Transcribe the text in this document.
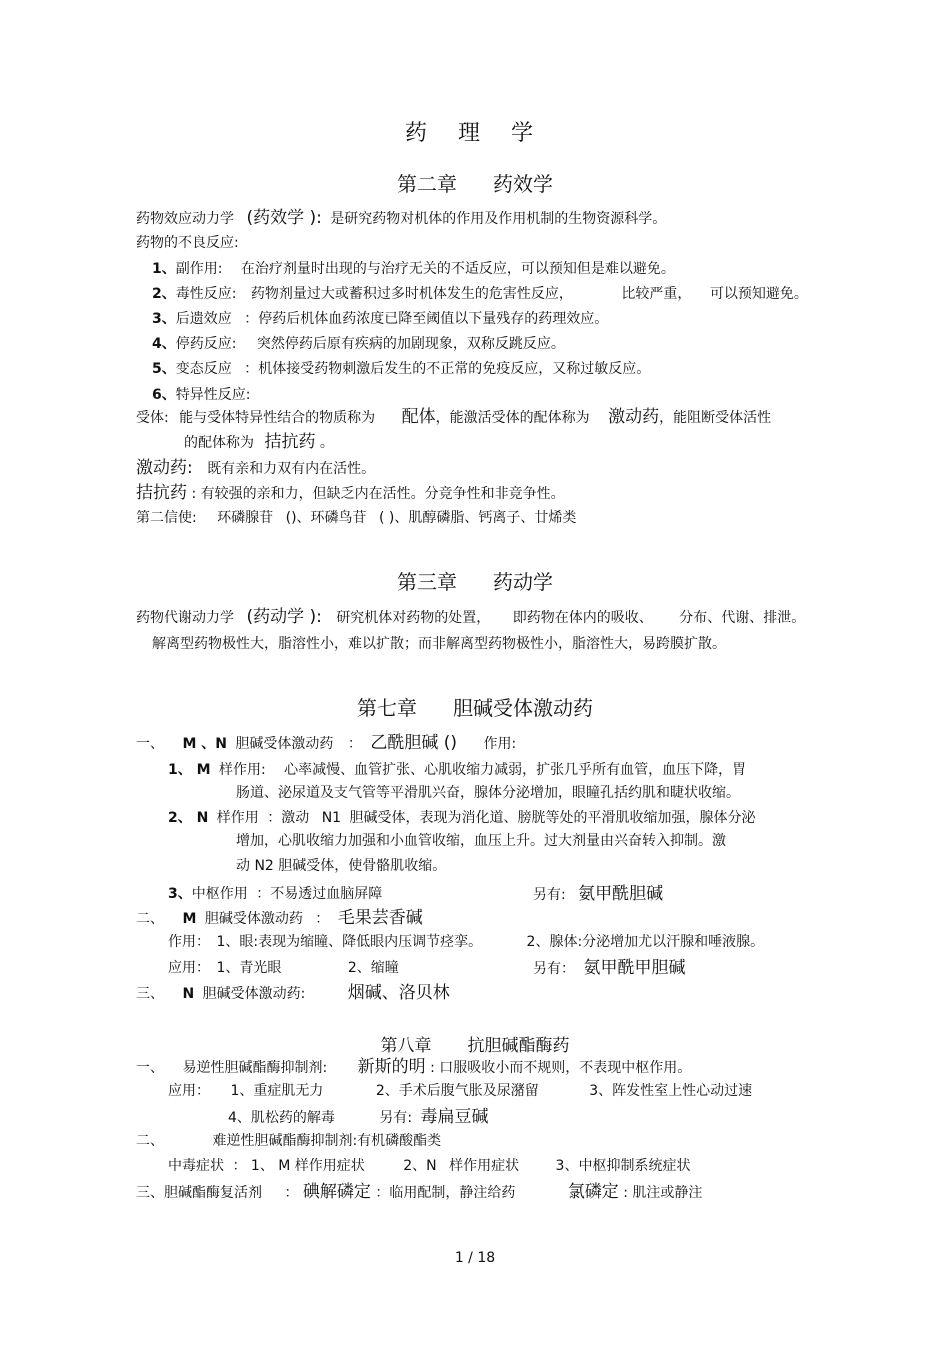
药 理 学
第二章 药效学
药物效应动力学 (药效学 ): 是研究药物对机体的作用及作用机制的生物资源科学。
药物的不良反应:
1、副作用: 在治疗剂量时出现的与治疗无关的不适反应，可以预知但是难以避免。
2、毒性反应: 药物剂量过大或蓄积过多时机体发生的危害性反应，	比较严重， 可以预知避免。
3、后遗效应 ：停药后机体血药浓度已降至阈值以下量残存的药理效应。
4、停药反应: 突然停药后原有疾病的加剧现象，双称反跳反应。
5、变态反应 ：机体接受药物刺激后发生的不正常的免疫反应，又称过敏反应。
6、特异性反应:
受体: 能与受体特异性结合的物质称为 配体，能激活受体的配体称为 激动药，能阻断受体活性
的配体称为 拮抗药 。
激动药: 既有亲和力双有内在活性。
拮抗药 : 有较强的亲和力，但缺乏内在活性。分竞争性和非竞争性。
第二信使: 环磷腺苷 ()、环磷鸟苷 ( )、肌醇磷脂、钙离子、廿烯类
第三章 药动学
药物代谢动力学 (药动学 ): 研究机体对药物的处置， 即药物在体内的吸收、 分布、代谢、排泄。
解离型药物极性大，脂溶性小，难以扩散；而非解离型药物极性小，脂溶性大，易跨膜扩散。
第七章 胆碱受体激动药
一、 M 、N 胆碱受体激动药 ： 乙酰胆碱 () 作用:
1、 M 样作用: 心率减慢、血管扩张、心肌收缩力减弱，扩张几乎所有血管，血压下降，胃
肠道、泌尿道及支气管等平滑肌兴奋，腺体分泌增加，眼瞳孔括约肌和睫状收缩。
2、 N 样作用 ：激动 N1 胆碱受体，表现为消化道、膀胱等处的平滑肌收缩加强，腺体分泌
增加，心肌收缩力加强和小血管收缩，血压上升。过大剂量由兴奋转入抑制。激
动 N2 胆碱受体，使骨骼肌收缩。
3、中枢作用 ：不易透过血脑屏障	另有: 氨甲酰胆碱
二、 M 胆碱受体激动药 ： 毛果芸香碱
作用： 1、眼:表现为缩瞳、降低眼内压调节痉挛。	2、腺体:分泌增加尤以汗腺和唾液腺。
应用： 1、青光眼	2、缩瞳	另有： 氨甲酰甲胆碱
三、 N 胆碱受体激动药: 烟碱、洛贝林
第八章 抗胆碱酯酶药
一、 易逆性胆碱酯酶抑制剂: 新斯的明 : 口服吸收小而不规则，不表现中枢作用。
应用： 1、重症肌无力	2、手术后腹气胀及尿潴留	3、阵发性室上性心动过速
4、肌松药的解毒	另有: 毒扁豆碱
二、	难逆性胆碱酯酶抑制剂:有机磷酸酯类
中毒症状 ： 1、 M 样作用症状	2、N 样作用症状	3、中枢抑制系统症状
三、胆碱酯酶复活剂 ： 碘解磷定 ：临用配制，静注给药	氯磷定 : 肌注或静注
1 / 18
